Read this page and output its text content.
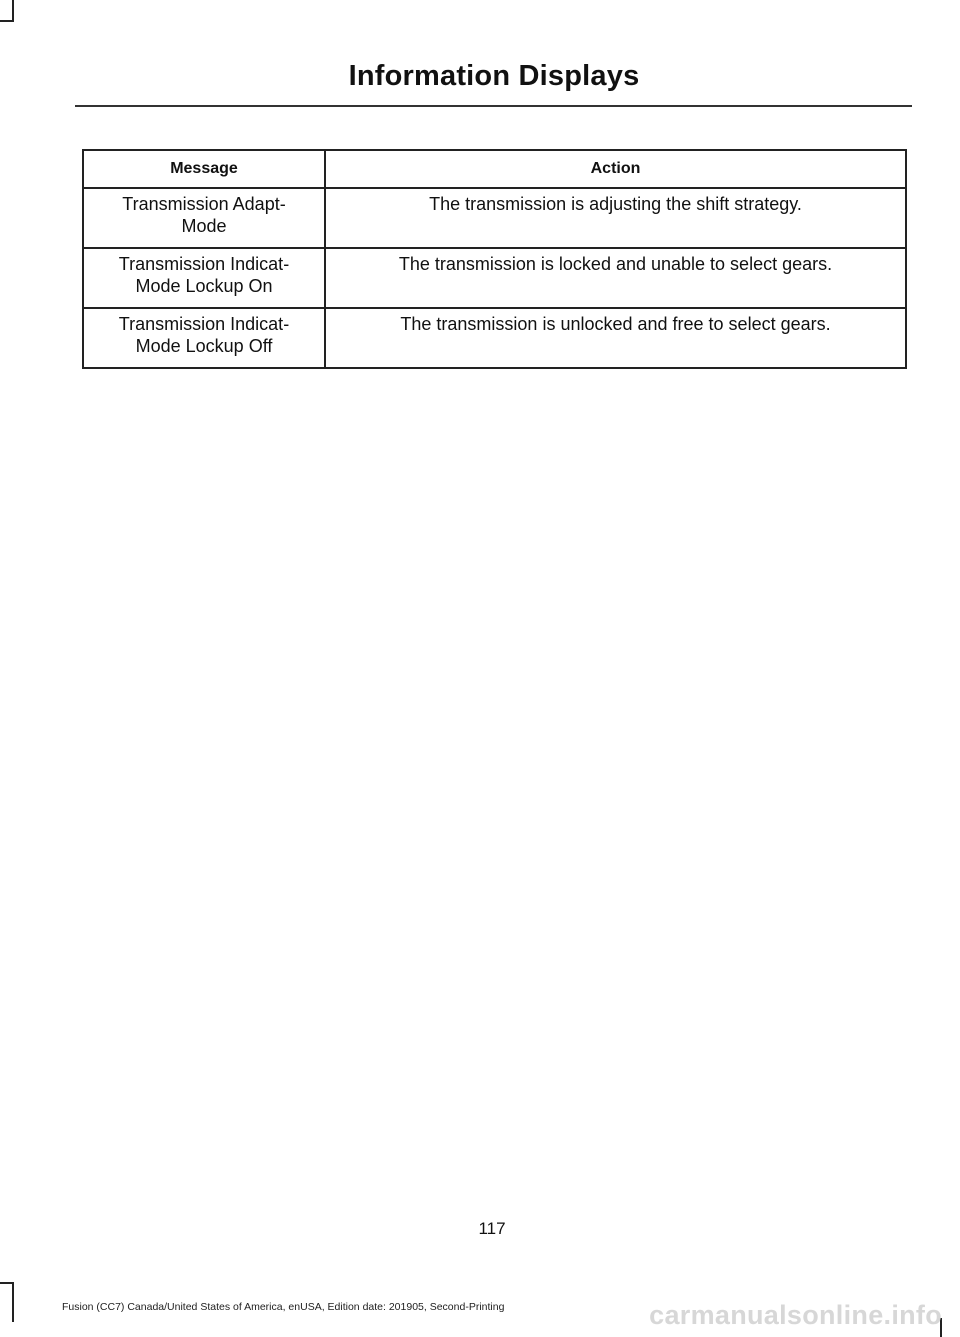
Information Displays
Message	Action

Transmission Adapt-
Mode	The transmission is adjusting the shift strategy.

Transmission Indicat-
Mode Lockup On	The transmission is locked and unable to select gears.

Transmission Indicat-
Mode Lockup Off	The transmission is unlocked and free to select gears.
117
Fusion (CC7) Canada/United States of America, enUSA, Edition date: 201905, Second-Printing	carmanualsonline.info
